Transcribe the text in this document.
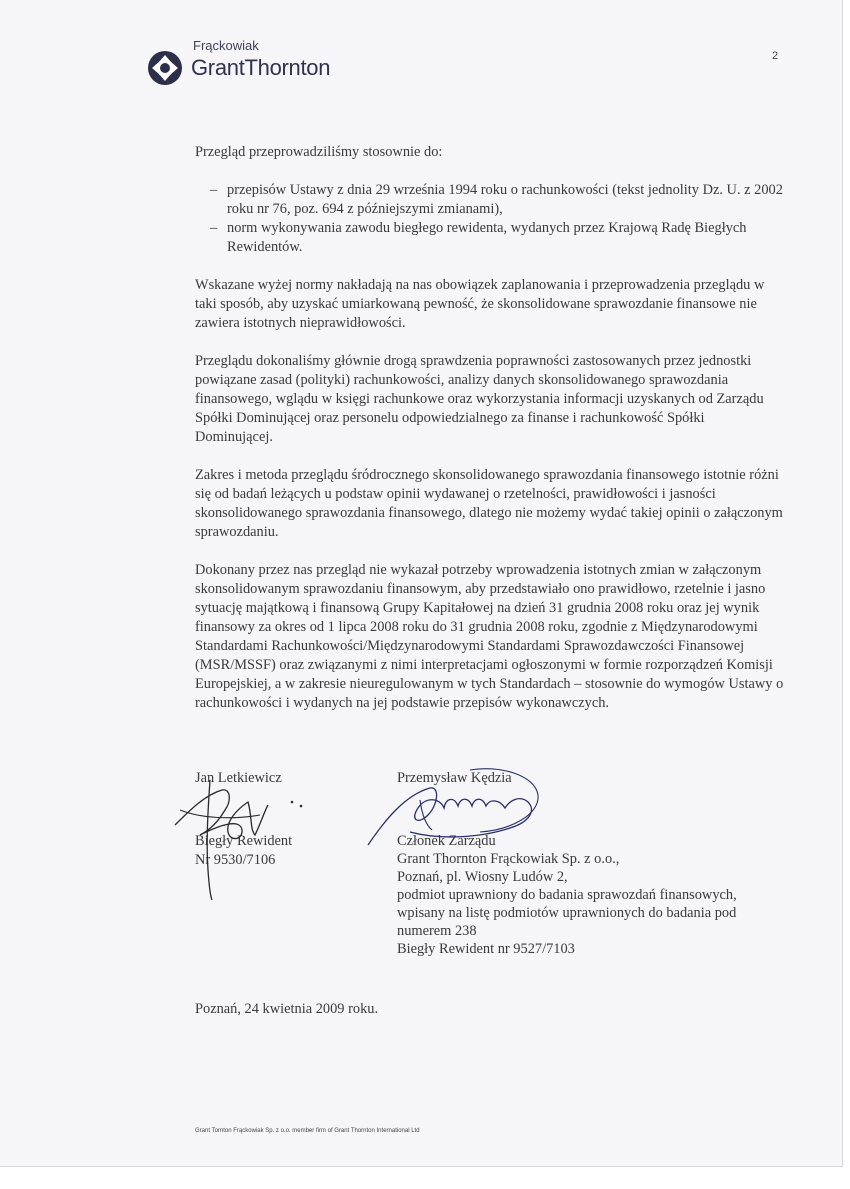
Frąckowiak
GrantThornton	2

Przegląd przeprowadziliśmy stosownie do:

– przepisów Ustawy z dnia 29 września 1994 roku o rachunkowości (tekst jednolity Dz. U. z 2002 roku nr 76, poz. 694 z późniejszymi zmianami),
– norm wykonywania zawodu biegłego rewidenta, wydanych przez Krajową Radę Biegłych Rewidentów.

Wskazane wyżej normy nakładają na nas obowiązek zaplanowania i przeprowadzenia przeglądu w taki sposób, aby uzyskać umiarkowaną pewność, że skonsolidowane sprawozdanie finansowe nie zawiera istotnych nieprawidłowości.

Przeglądu dokonaliśmy głównie drogą sprawdzenia poprawności zastosowanych przez jednostki powiązane zasad (polityki) rachunkowości, analizy danych skonsolidowanego sprawozdania finansowego, wglądu w księgi rachunkowe oraz wykorzystania informacji uzyskanych od Zarządu Spółki Dominującej oraz personelu odpowiedzialnego za finanse i rachunkowość Spółki Dominującej.

Zakres i metoda przeglądu śródrocznego skonsolidowanego sprawozdania finansowego istotnie różni się od badań leżących u podstaw opinii wydawanej o rzetelności, prawidłowości i jasności skonsolidowanego sprawozdania finansowego, dlatego nie możemy wydać takiej opinii o załączonym sprawozdaniu.

Dokonany przez nas przegląd nie wykazał potrzeby wprowadzenia istotnych zmian w załączonym skonsolidowanym sprawozdaniu finansowym, aby przedstawiało ono prawidłowo, rzetelnie i jasno sytuację majątkową i finansową Grupy Kapitałowej na dzień 31 grudnia 2008 roku oraz jej wynik finansowy za okres od 1 lipca 2008 roku do 31 grudnia 2008 roku, zgodnie z Międzynarodowymi Standardami Rachunkowości/Międzynarodowymi Standardami Sprawozdawczości Finansowej (MSR/MSSF) oraz związanymi z nimi interpretacjami ogłoszonymi w formie rozporządzeń Komisji Europejskiej, a w zakresie nieuregulowanym w tych Standardach – stosownie do wymogów Ustawy o rachunkowości i wydanych na jej podstawie przepisów wykonawczych.

Jan Letkiewicz
Biegły Rewident
Nr 9530/7106
Przemysław Kędzia
Członek Zarządu
Grant Thornton Frąckowiak Sp. z o.o.,
Poznań, pl. Wiosny Ludów 2,
podmiot uprawniony do badania sprawozdań finansowych,
wpisany na listę podmiotów uprawnionych do badania pod
numerem 238
Biegły Rewident nr 9527/7103
Poznań, 24 kwietnia 2009 roku.
Grant Tornton Frąckowiak Sp. z o.o. member firm of Grant Thornton International Ltd
